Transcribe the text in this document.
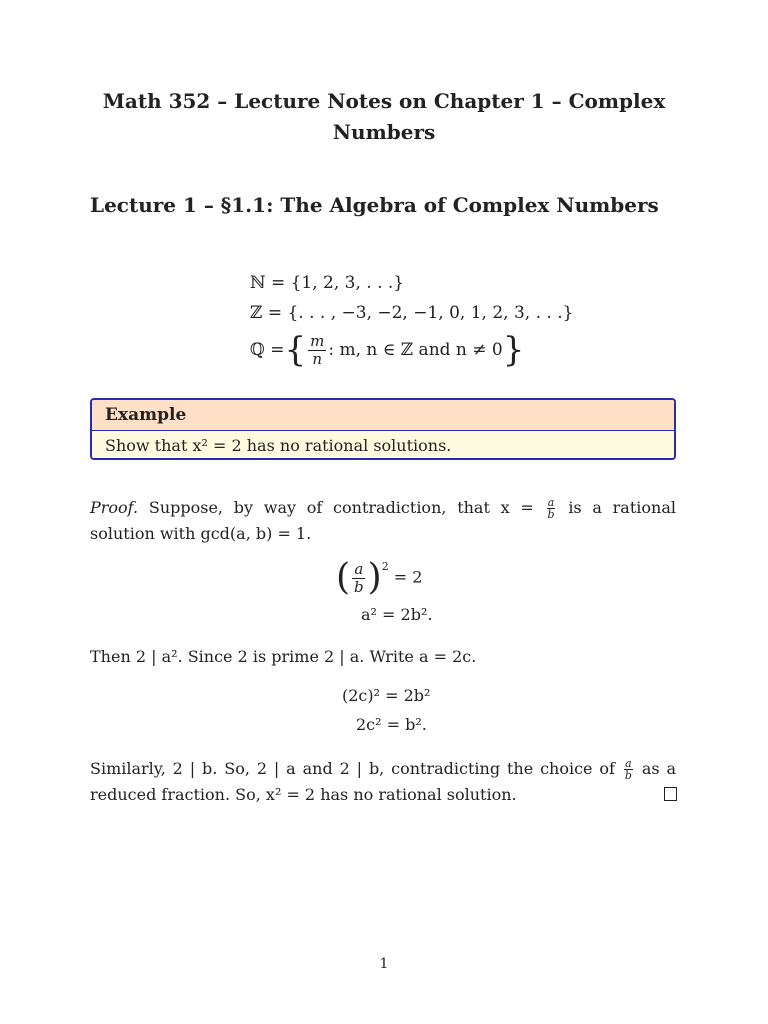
Math 352 – Lecture Notes on Chapter 1 – Complex Numbers
Lecture 1 – §1.1: The Algebra of Complex Numbers
ℕ = {1, 2, 3, . . .}
ℤ = {. . . , −3, −2, −1, 0, 1, 2, 3, . . .}
ℚ = { $\frac{m}{n}$ : m, n ∈ ℤ and n ≠ 0 }
Example
Show that x² = 2 has no rational solutions.
Proof. Suppose, by way of contradiction, that $x = \frac{a}{b}$ is a rational solution with gcd(a, b) = 1.
( $\frac{a}{b} )^2 = 2$
a² = 2b².
Then 2 | a². Since 2 is prime 2 | a. Write a = 2c.
(2c)² = 2b²
2c² = b².
Similarly, 2 | b. So, 2 | a and 2 | b, contradicting the choice of $\frac{a}{b}$ as a reduced fraction. So, x² = 2 has no rational solution.
1
